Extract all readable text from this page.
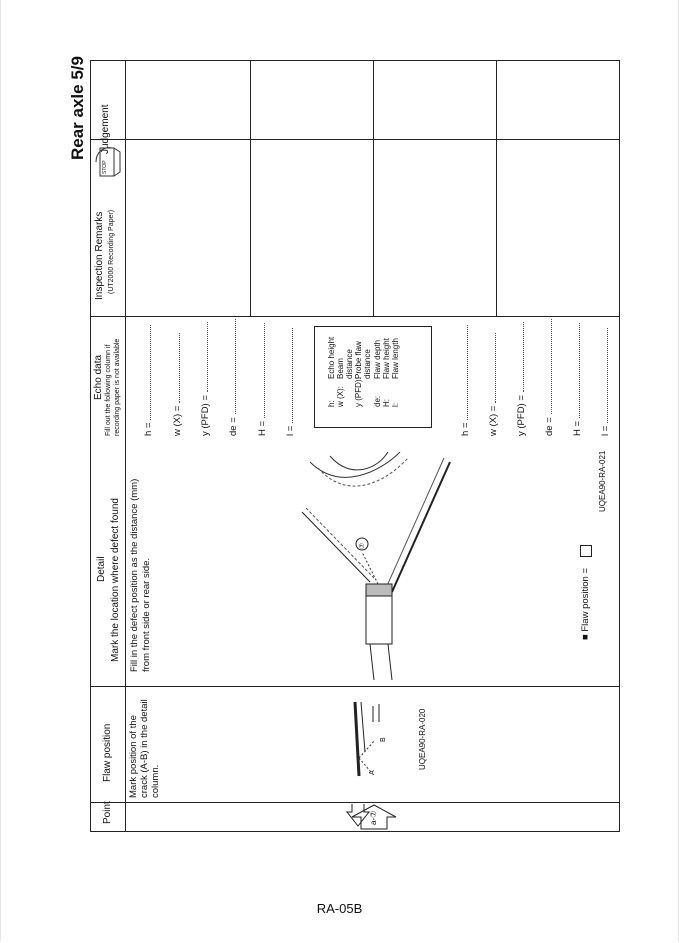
Rear axle 5/9 Judgement
Inspection Remarks (UT2000 Recording Paper)
Echo data Fill out the following column if recording paper is not available
Detail Mark the location where defect found
Flaw position
Point	a-⑦
Mark position of the crack (A-B) in the detail column.
B
A
UQEA90-RA-020
Fill in the defect position as the distance (mm) from front side or rear side.
⑦
■ Flaw position =
UQEA90-RA-021
h = w (X) = y (PFD) = de = H = l =
h:
Echo height
w (X):
Beam distance
y (PFD):
Probe flaw distance
de:
Flaw depth
H:
Flaw height
l:
Flaw length
h = w (X) = y (PFD) = de = H = l =
STOP
RA-05B
